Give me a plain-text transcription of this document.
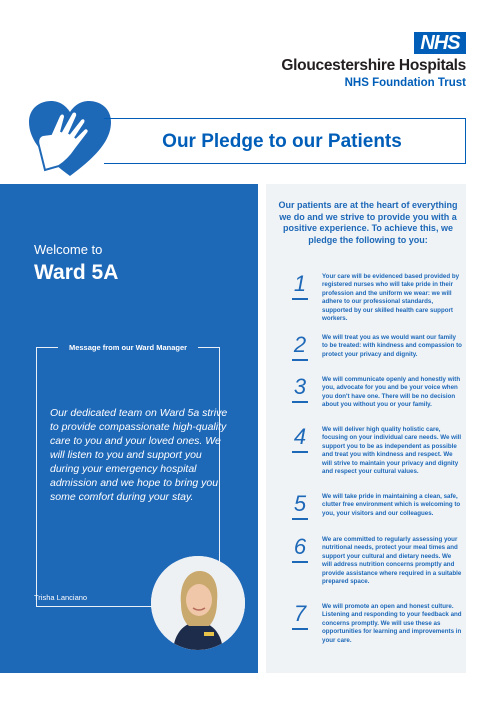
NHS
Gloucestershire Hospitals
NHS Foundation Trust
Our Pledge to our Patients
Welcome to
Ward 5A
Message from our Ward Manager
Our dedicated team on Ward 5a strive to provide compassionate high-quality care to you and your loved ones. We will listen to you and support you during your emergency hospital admission and we hope to bring you some comfort during your stay.
Trisha Lanciano
Our patients are at the heart of everything we do and we strive to provide you with a positive experience. To achieve this, we pledge the following to you:
1	Your care will be evidenced based provided by registered nurses who will take pride in their profession and the uniform we wear: we will adhere to our professional standards, supported by our skilled health care support workers.
2	We will treat you as we would want our family to be treated: with kindness and compassion to protect your privacy and dignity.
3	We will communicate openly and honestly with you, advocate for you and be your voice when you don't have one. There will be no decision about you without you or your family.
4	We will deliver high quality holistic care, focusing on your individual care needs. We will support you to be as independent as possible and treat you with kindness and respect. We will strive to maintain your privacy and dignity and respect your cultural values.
5	We will take pride in maintaining a clean, safe, clutter free environment which is welcoming to you, your visitors and our colleagues.
6	We are committed to regularly assessing your nutritional needs, protect your meal times and support your cultural and dietary needs. We will address nutrition concerns promptly and provide assistance where required in a suitable prepared space.
7	We will promote an open and honest culture. Listening and responding to your feedback and concerns promptly. We will use these as opportunities for learning and improvements in your care.
